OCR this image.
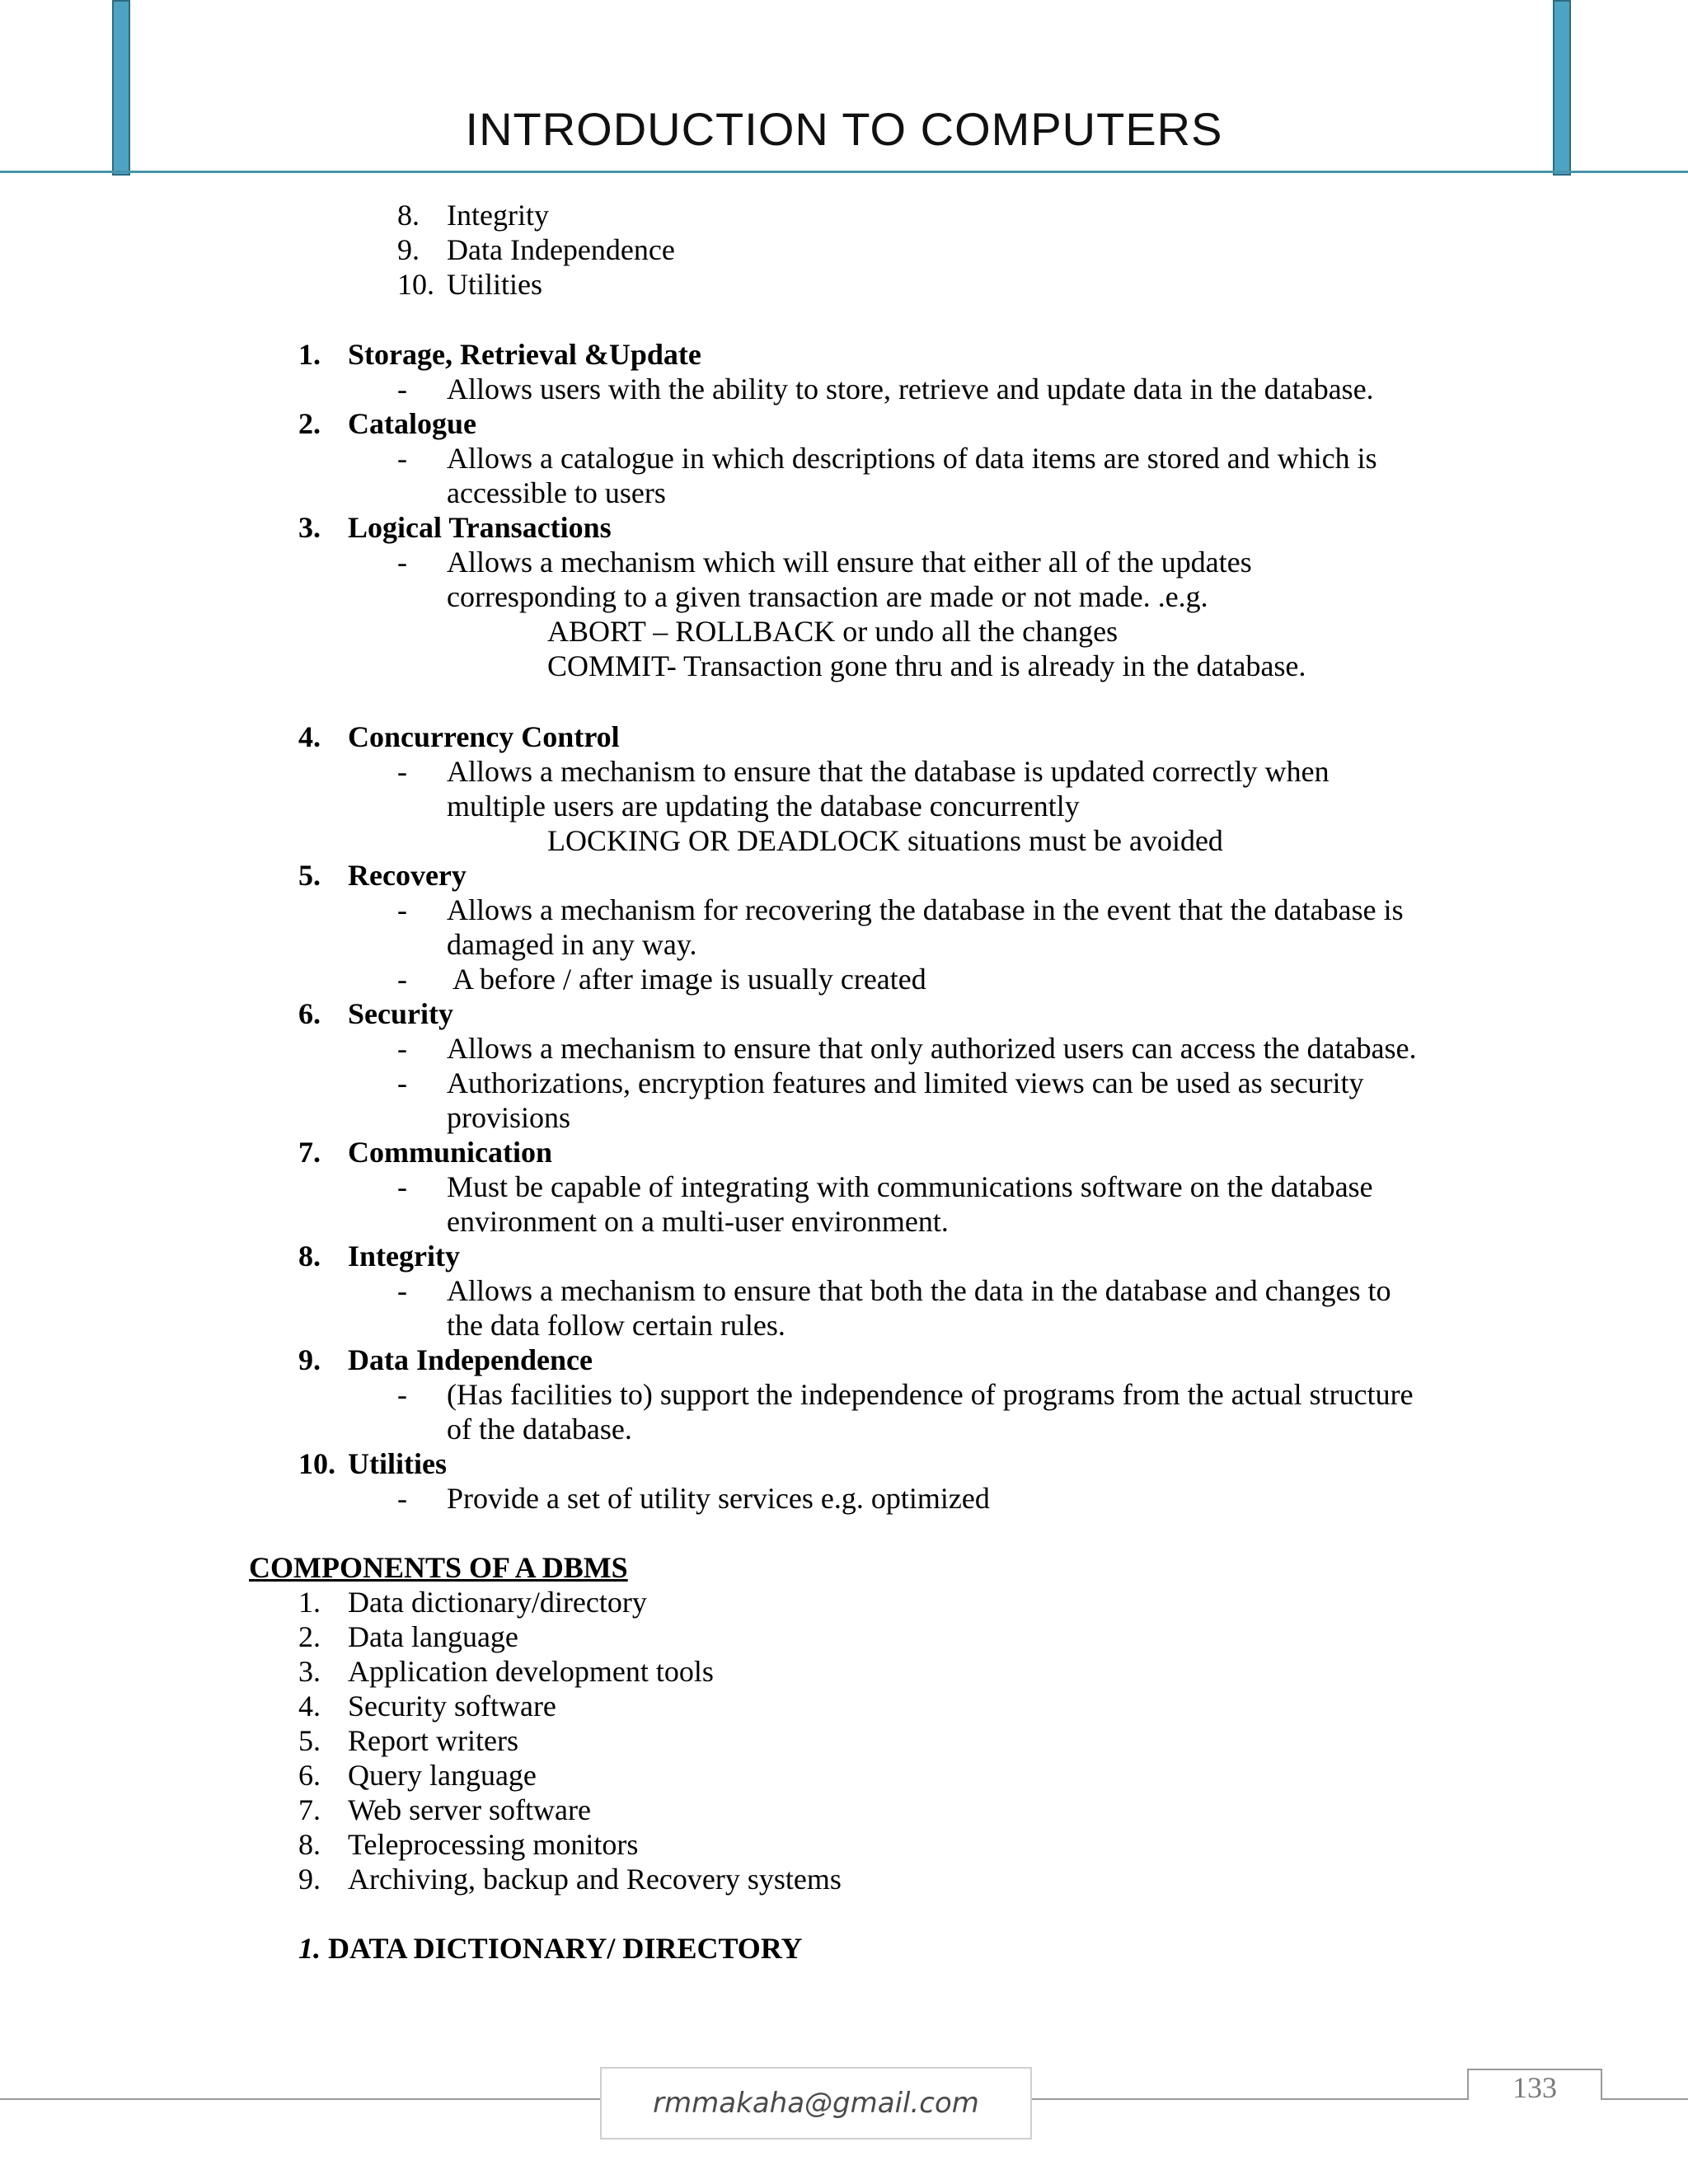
INTRODUCTION TO COMPUTERS
8. Integrity
9. Data Independence
10. Utilities
1. Storage, Retrieval &Update
- Allows users with the ability to store, retrieve and update data in the database.
2. Catalogue
- Allows a catalogue in which descriptions of data items are stored and which is
accessible to users
3. Logical Transactions
- Allows a mechanism which will ensure that either all of the updates
corresponding to a given transaction are made or not made. .e.g.
ABORT – ROLLBACK or undo all the changes
COMMIT- Transaction gone thru and is already in the database.
4. Concurrency Control
- Allows a mechanism to ensure that the database is updated correctly when
multiple users are updating the database concurrently
LOCKING OR DEADLOCK situations must be avoided
5. Recovery
- Allows a mechanism for recovering the database in the event that the database is
damaged in any way.
- A before / after image is usually created
6. Security
- Allows a mechanism to ensure that only authorized users can access the database.
- Authorizations, encryption features and limited views can be used as security
provisions
7. Communication
- Must be capable of integrating with communications software on the database
environment on a multi-user environment.
8. Integrity
- Allows a mechanism to ensure that both the data in the database and changes to
the data follow certain rules.
9. Data Independence
- (Has facilities to) support the independence of programs from the actual structure
of the database.
10. Utilities
- Provide a set of utility services e.g. optimized
COMPONENTS OF A DBMS
1. Data dictionary/directory
2. Data language
3. Application development tools
4. Security software
5. Report writers
6. Query language
7. Web server software
8. Teleprocessing monitors
9. Archiving, backup and Recovery systems
1. DATA DICTIONARY/ DIRECTORY
rmmakaha@gmail.com	133
